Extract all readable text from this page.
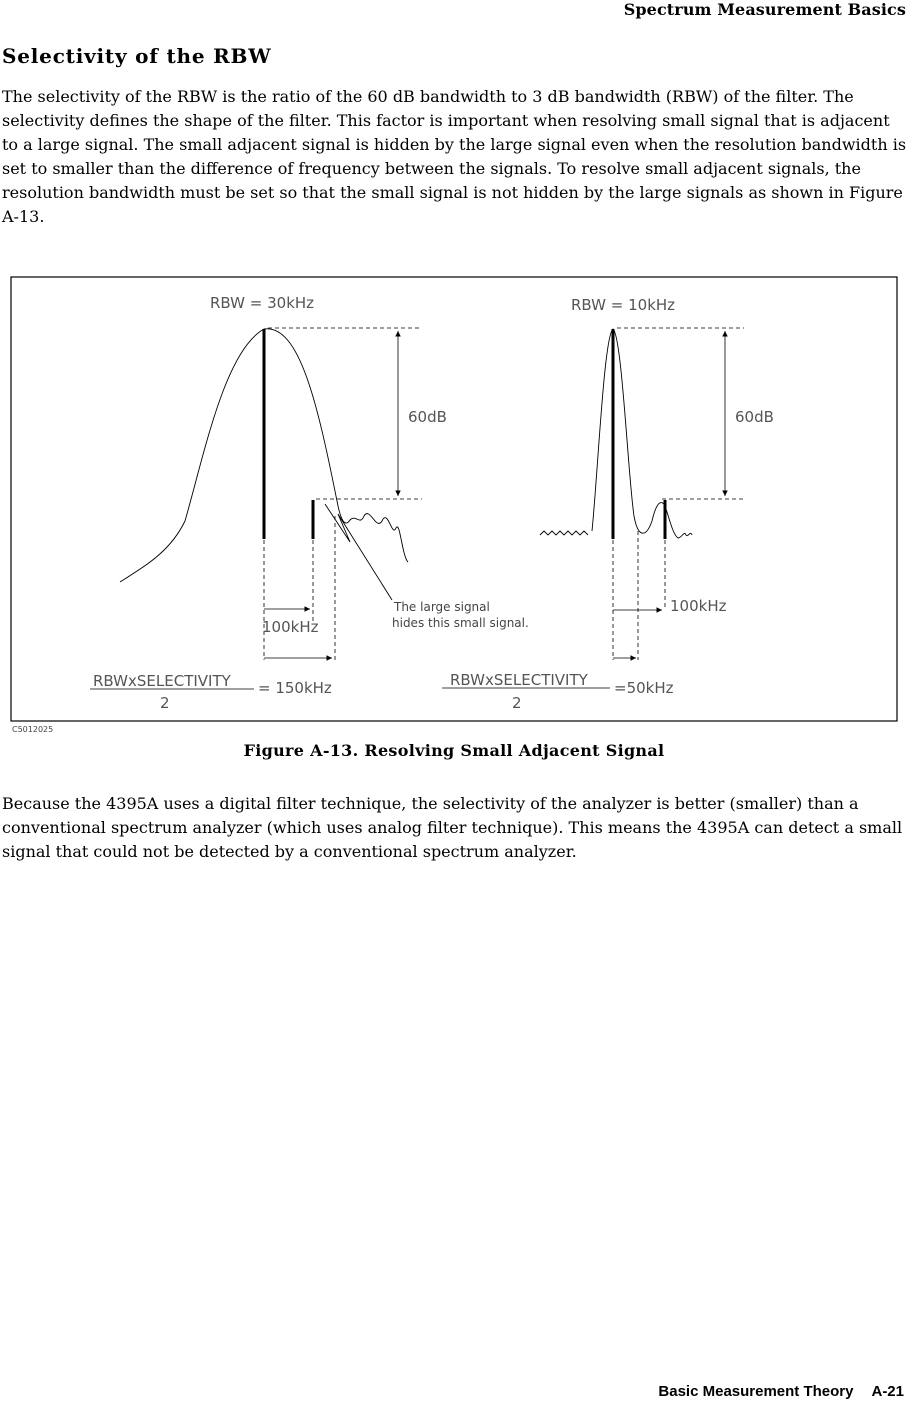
Spectrum Measurement Basics
Selectivity of the RBW

The selectivity of the RBW is the ratio of the 60 dB bandwidth to 3 dB bandwidth (RBW) of the filter. The selectivity defines the shape of the filter. This factor is important when resolving small signal that is adjacent to a large signal. The small adjacent signal is hidden by the large signal even when the resolution bandwidth is set to smaller than the difference of frequency between the signals. To resolve small adjacent signals, the resolution bandwidth must be set so that the small signal is not hidden by the large signals as shown in Figure A-13.

RBW = 30kHz
60dB
The large signal
hides this small signal.
100kHz
RBWxSELECTIVITY
2
= 150kHz
RBW = 10kHz
60dB
100kHz
RBWxSELECTIVITY
2
=50kHz
C5012025
Figure A-13. Resolving Small Adjacent Signal

Because the 4395A uses a digital filter technique, the selectivity of the analyzer is better (smaller) than a conventional spectrum analyzer (which uses analog filter technique). This means the 4395A can detect a small signal that could not be detected by a conventional spectrum analyzer.

Basic Measurement Theory A-21
